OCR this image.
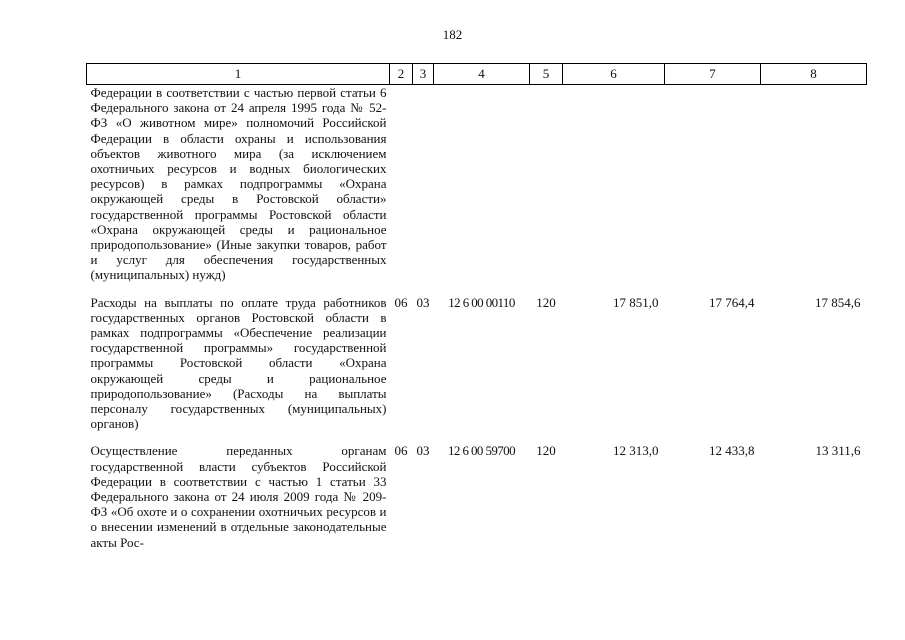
182
1	2	3	4	5	6	7	8
Федерации в соответствии с частью первой статьи 6 Федерального закона от 24 апреля 1995 года № 52-ФЗ «О животном мире» полномочий Российской Федерации в области охраны и использования объектов животного мира (за исключением охотничьих ресурсов и водных биологических ресурсов) в рамках подпрограммы «Охрана окружающей среды в Ростовской области» государственной программы Ростовской области «Охрана окружающей среды и рациональное природопользование» (Иные закупки товаров, работ и услуг для обеспечения государственных (муниципальных) нужд)							
Расходы на выплаты по оплате труда работников государственных органов Ростовской области в рамках подпрограммы «Обеспечение реализации государственной программы» государственной программы Ростовской области «Охрана окружающей среды и рациональное природопользование» (Расходы на выплаты персоналу государственных (муниципальных) органов)	06	03	12 6 00 00110	120	17 851,0	17 764,4	17 854,6
Осуществление переданных органам государственной власти субъектов Российской Федерации в соответствии с частью 1 статьи 33 Федерального закона от 24 июля 2009 года № 209-ФЗ «Об охоте и о сохранении охотничьих ресурсов и о внесении изменений в отдельные законодательные акты Рос-	06	03	12 6 00 59700	120	12 313,0	12 433,8	13 311,6
